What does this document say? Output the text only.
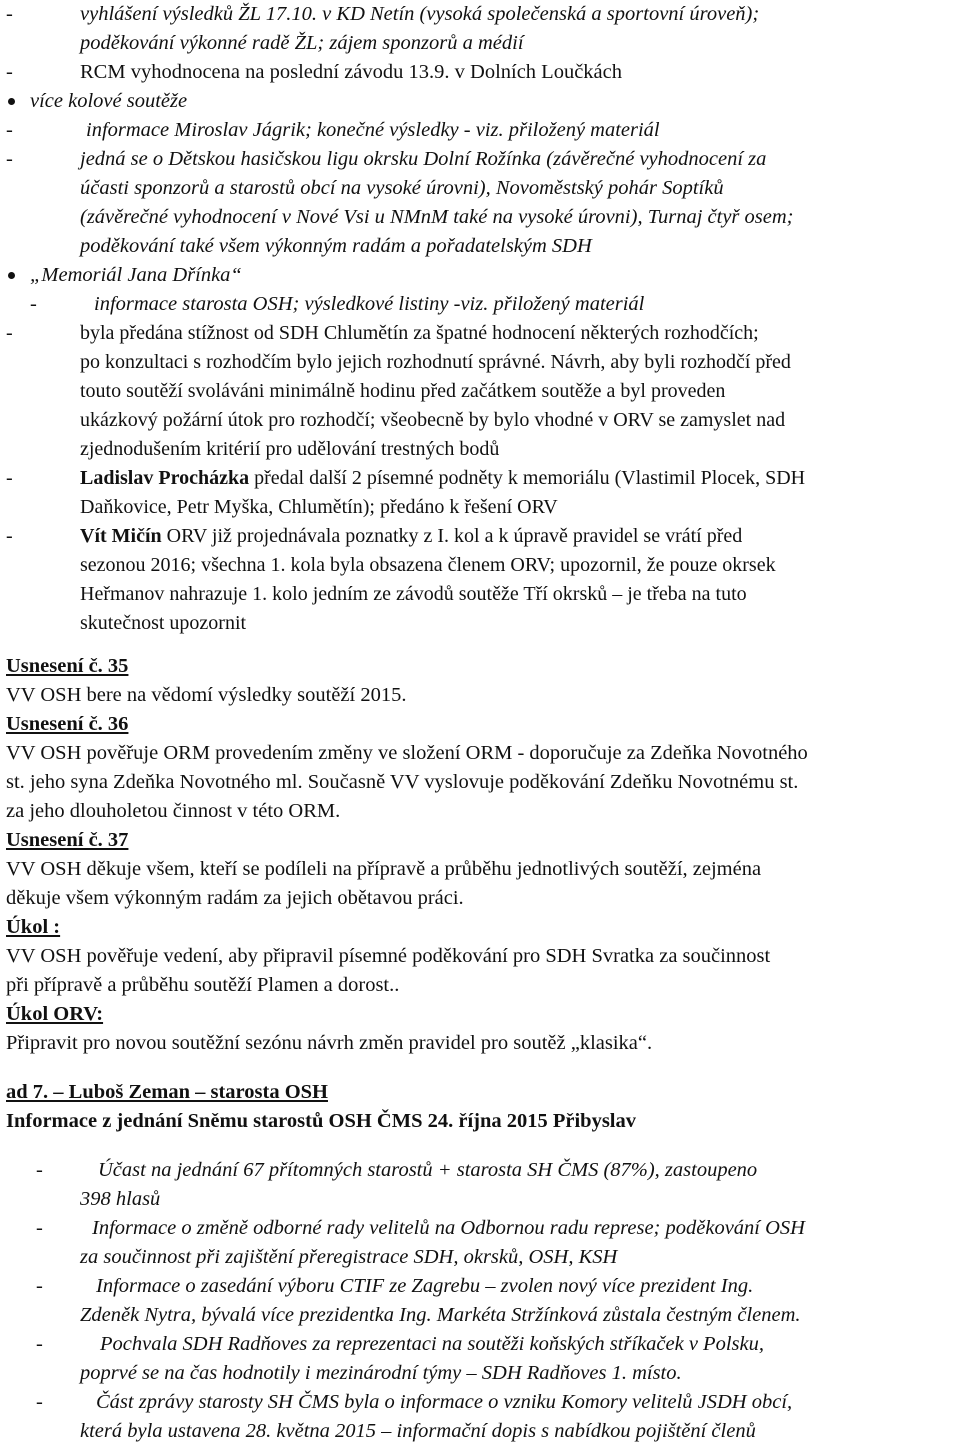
-	vyhlášení výsledků ŽL 17.10. v KD Netín (vysoká společenská a sportovní úroveň);
poděkování výkonné radě ŽL; zájem sponzorů a médií
-	RCM vyhodnocena na poslední závodu 13.9. v Dolních Loučkách
více kolové soutěže
-	informace Miroslav Jágrik; konečné výsledky - viz. přiložený materiál
-	jedná se o Dětskou hasičskou ligu okrsku Dolní Rožínka (závěrečné vyhodnocení za
účasti sponzorů a starostů obcí na vysoké úrovni), Novoměstský pohár Soptíků
(závěrečné vyhodnocení v Nové Vsi u NMnM také na vysoké úrovni), Turnaj čtyř osem;
poděkování také všem výkonným radám a pořadatelským SDH
„Memoriál Jana Dřínka“
-	informace starosta OSH; výsledkové listiny -viz. přiložený materiál
-	byla předána stížnost od SDH Chlumětín za špatné hodnocení některých rozhodčích;
po konzultaci s rozhodčím bylo jejich rozhodnutí správné. Návrh, aby byli rozhodčí před
touto soutěží svoláváni minimálně hodinu před začátkem soutěže a byl proveden
ukázkový požární útok pro rozhodčí; všeobecně by bylo vhodné v ORV se zamyslet nad
zjednodušením kritérií pro udělování trestných bodů
-	Ladislav Procházka předal další 2 písemné podněty k memoriálu (Vlastimil Plocek, SDH
Daňkovice, Petr Myška, Chlumětín); předáno k řešení ORV
-	Vít Mičín ORV již projednávala poznatky z I. kol a k úpravě pravidel se vrátí před
sezonou 2016; všechna 1. kola byla obsazena členem ORV; upozornil, že pouze okrsek
Heřmanov nahrazuje 1. kolo jedním ze závodů soutěže Tří okrsků – je třeba na tuto
skutečnost upozornit
Usnesení č. 35
VV OSH bere na vědomí výsledky soutěží 2015.
Usnesení č. 36
VV OSH pověřuje ORM provedením změny ve složení ORM - doporučuje za Zdeňka Novotného
st. jeho syna Zdeňka Novotného ml. Současně VV vyslovuje poděkování Zdeňku Novotnému st.
za jeho dlouholetou činnost v této ORM.
Usnesení č. 37
VV OSH děkuje všem, kteří se podíleli na přípravě a průběhu jednotlivých soutěží, zejména
děkuje všem výkonným radám za jejich obětavou práci.
Úkol :
VV OSH pověřuje vedení, aby připravil písemné poděkování pro SDH Svratka za součinnost
při přípravě a průběhu soutěží Plamen a dorost..
Úkol ORV:
Připravit pro novou soutěžní sezónu návrh změn pravidel pro soutěž „klasika“.
ad 7. – Luboš Zeman – starosta OSH
Informace z jednání Sněmu starostů OSH ČMS 24. října 2015 Přibyslav
-	Účast na jednání 67 přítomných starostů + starosta SH ČMS (87%), zastoupeno
398 hlasů
- Informace o změně odborné rady velitelů na Odbornou radu represe; poděkování OSH
za součinnost při zajištění přeregistrace SDH, okrsků, OSH, KSH
-	Informace o zasedání výboru CTIF ze Zagrebu – zvolen nový více prezident Ing.
Zdeněk Nytra, bývalá více prezidentka Ing. Markéta Stržínková zůstala čestným členem.
-	Pochvala SDH Radňoves za reprezentaci na soutěži koňských stříkaček v Polsku,
poprvé se na čas hodnotily i mezinárodní týmy – SDH Radňoves 1. místo.
-	Část zprávy starosty SH ČMS byla o informace o vzniku Komory velitelů JSDH obcí,
která byla ustavena 28. května 2015 – informační dopis s nabídkou pojištění členů
